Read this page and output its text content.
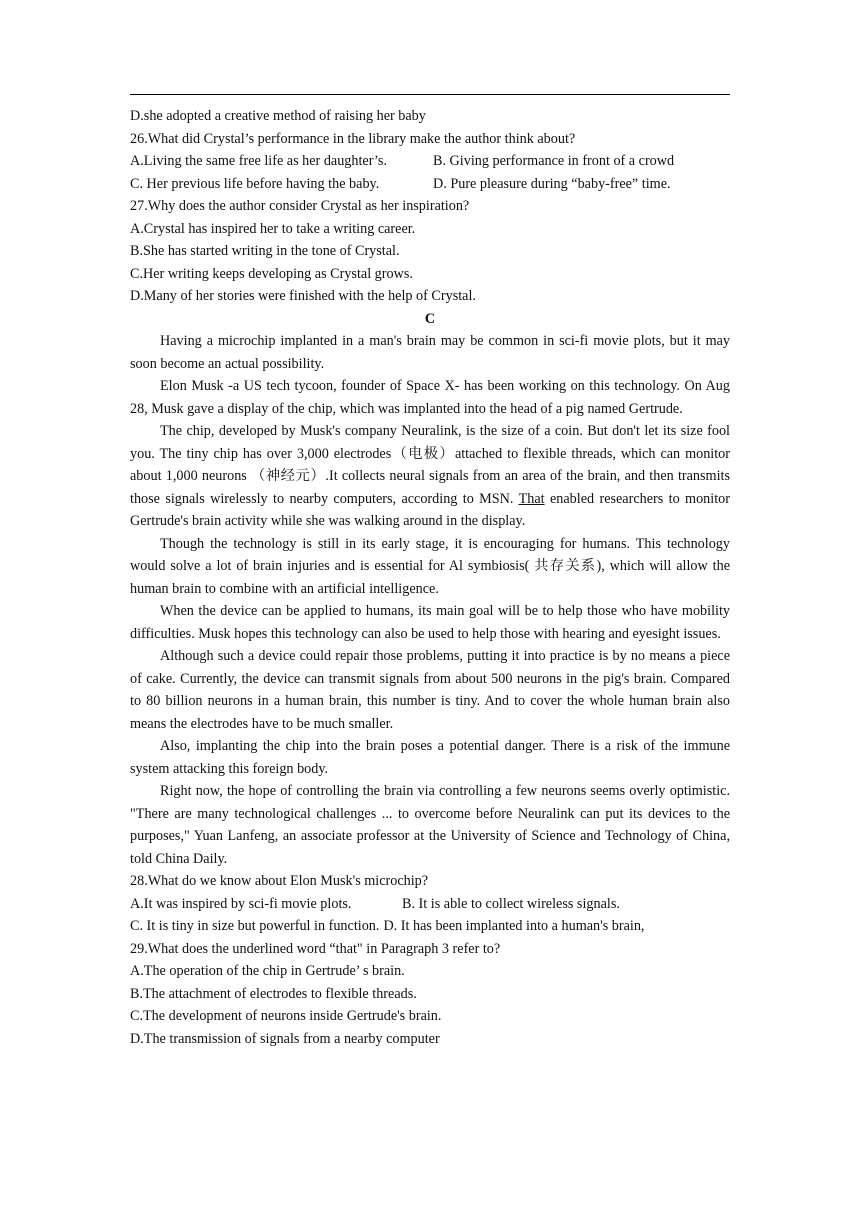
D.she adopted a creative method of raising her baby
26.What did Crystal’s performance in the library make the author think about?
A.Living the same free life as her daughter’s.	B. Giving performance in front of a crowd
C. Her previous life before having the baby.	D. Pure pleasure during “baby-free” time.
27.Why does the author consider Crystal as her inspiration?
A.Crystal has inspired her to take a writing career.
B.She has started writing in the tone of Crystal.
C.Her writing keeps developing as Crystal grows.
D.Many of her stories were finished with the help of Crystal.
C

Having a microchip implanted in a man's brain may be common in sci-fi movie plots, but it may soon become an actual possibility.

Elon Musk -a US tech tycoon, founder of Space X- has been working on this technology. On Aug 28, Musk gave a display of the chip, which was implanted into the head of a pig named Gertrude.

The chip, developed by Musk's company Neuralink, is the size of a coin. But don't let its size fool you. The tiny chip has over 3,000 electrodes（电极）attached to flexible threads, which can monitor about 1,000 neurons （神经元）.It collects neural signals from an area of the brain, and then transmits those signals wirelessly to nearby computers, according to MSN. That enabled researchers to monitor Gertrude's brain activity while she was walking around in the display.

Though the technology is still in its early stage, it is encouraging for humans. This technology would solve a lot of brain injuries and is essential for Al symbiosis( 共存关系), which will allow the human brain to combine with an artificial intelligence.

When the device can be applied to humans, its main goal will be to help those who have mobility difficulties. Musk hopes this technology can also be used to help those with hearing and eyesight issues.

Although such a device could repair those problems, putting it into practice is by no means a piece of cake. Currently, the device can transmit signals from about 500 neurons in the pig's brain. Compared to 80 billion neurons in a human brain, this number is tiny. And to cover the whole human brain also means the electrodes have to be much smaller.

Also, implanting the chip into the brain poses a potential danger. There is a risk of the immune system attacking this foreign body.

Right now, the hope of controlling the brain via controlling a few neurons seems overly optimistic. "There are many technological challenges ... to overcome before Neuralink can put its devices to the purposes," Yuan Lanfeng, an associate professor at the University of Science and Technology of China, told China Daily.

28.What do we know about Elon Musk's microchip?
A.It was inspired by sci-fi movie plots.	B. It is able to collect wireless signals.
C. It is tiny in size but powerful in function. D. It has been implanted into a human's brain,
29.What does the underlined word “that" in Paragraph 3 refer to?
A.The operation of the chip in Gertrude’ s brain.
B.The attachment of electrodes to flexible threads.
C.The development of neurons inside Gertrude's brain.
D.The transmission of signals from a nearby computer
